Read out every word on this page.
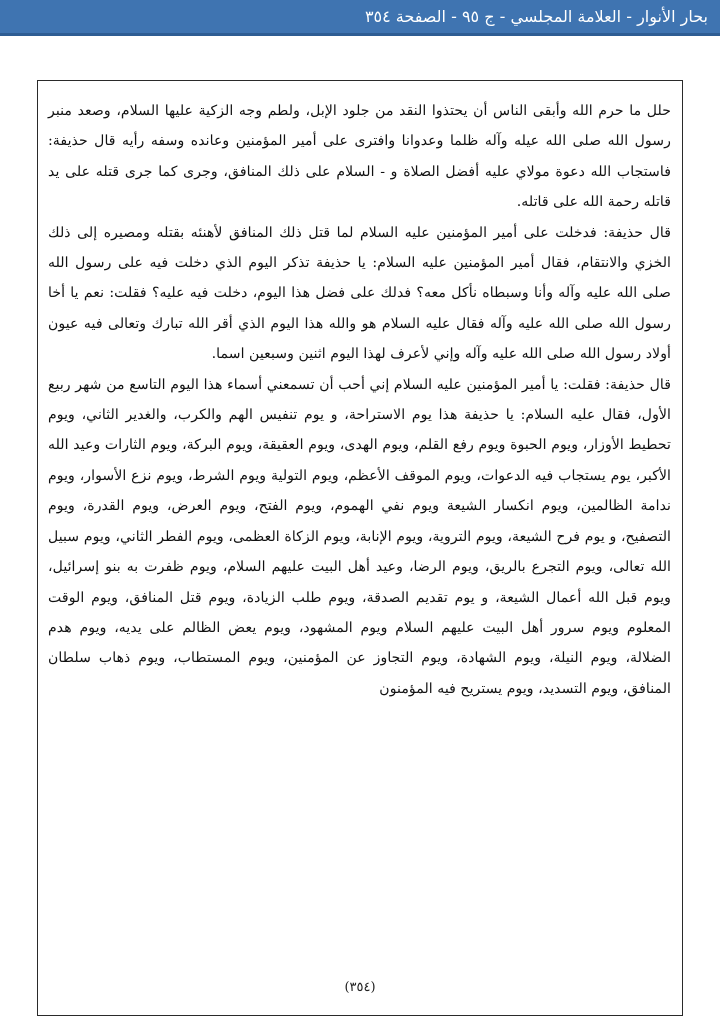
بحار الأنوار - العلامة المجلسي - ج ٩٥ - الصفحة ٣٥٤

حلل ما حرم الله وأبقى الناس أن يحتذوا النقد من جلود الإبل، ولطم وجه الزكية عليها السلام، وصعد منبر رسول الله صلى الله عيله وآله ظلما وعدوانا وافترى على أمير المؤمنين وعانده وسفه رأيه قال حذيفة: فاستجاب الله دعوة مولاي عليه أفضل الصلاة و - السلام على ذلك المنافق، وجرى كما جرى قتله على يد قاتله رحمة الله على قاتله.

قال حذيفة: فدخلت على أمير المؤمنين عليه السلام لما قتل ذلك المنافق لأهنئه بقتله ومصيره إلى ذلك الخزي والانتقام، فقال أمير المؤمنين عليه السلام: يا حذيفة تذكر اليوم الذي دخلت فيه على رسول الله صلى الله عليه وآله وأنا وسبطاه نأكل معه؟ فدلك على فضل هذا اليوم، دخلت فيه عليه؟ فقلت: نعم يا أخا رسول الله صلى الله عليه وآله فقال عليه السلام هو والله هذا اليوم الذي أقر الله تبارك وتعالى فيه عيون أولاد رسول الله صلى الله عليه وآله وإني لأعرف لهذا اليوم اثنين وسبعين اسما.

قال حذيفة: فقلت: يا أمير المؤمنين عليه السلام إني أحب أن تسمعني أسماء هذا اليوم التاسع من شهر ربيع الأول، فقال عليه السلام: يا حذيفة هذا يوم الاستراحة، و يوم تنفيس الهم والكرب، والغدير الثاني، ويوم تحطيط الأوزار، ويوم الحبوة ويوم رفع القلم، ويوم الهدى، ويوم العقيقة، ويوم البركة، ويوم الثارات وعيد الله الأكبر، يوم يستجاب فيه الدعوات، ويوم الموقف الأعظم، ويوم التولية ويوم الشرط، ويوم نزع الأسوار، ويوم ندامة الظالمين، ويوم انكسار الشيعة ويوم نفي الهموم، ويوم الفتح، ويوم العرض، ويوم القدرة، ويوم التصفيح، و يوم فرح الشيعة، ويوم التروية، ويوم الإنابة، ويوم الزكاة العظمى، ويوم الفطر الثاني، ويوم سبيل الله تعالى، ويوم التجرع بالريق، ويوم الرضا، وعيد أهل البيت عليهم السلام، ويوم ظفرت به بنو إسرائيل، ويوم قبل الله أعمال الشيعة، و يوم تقديم الصدقة، ويوم طلب الزيادة، ويوم قتل المنافق، ويوم الوقت المعلوم ويوم سرور أهل البيت عليهم السلام ويوم المشهود، ويوم يعض الظالم على يديه، ويوم هدم الضلالة، ويوم النيلة، ويوم الشهادة، ويوم التجاوز عن المؤمنين، ويوم المستطاب، ويوم ذهاب سلطان المنافق، ويوم التسديد، ويوم يستريح فيه المؤمنون

(٣٥٤)
